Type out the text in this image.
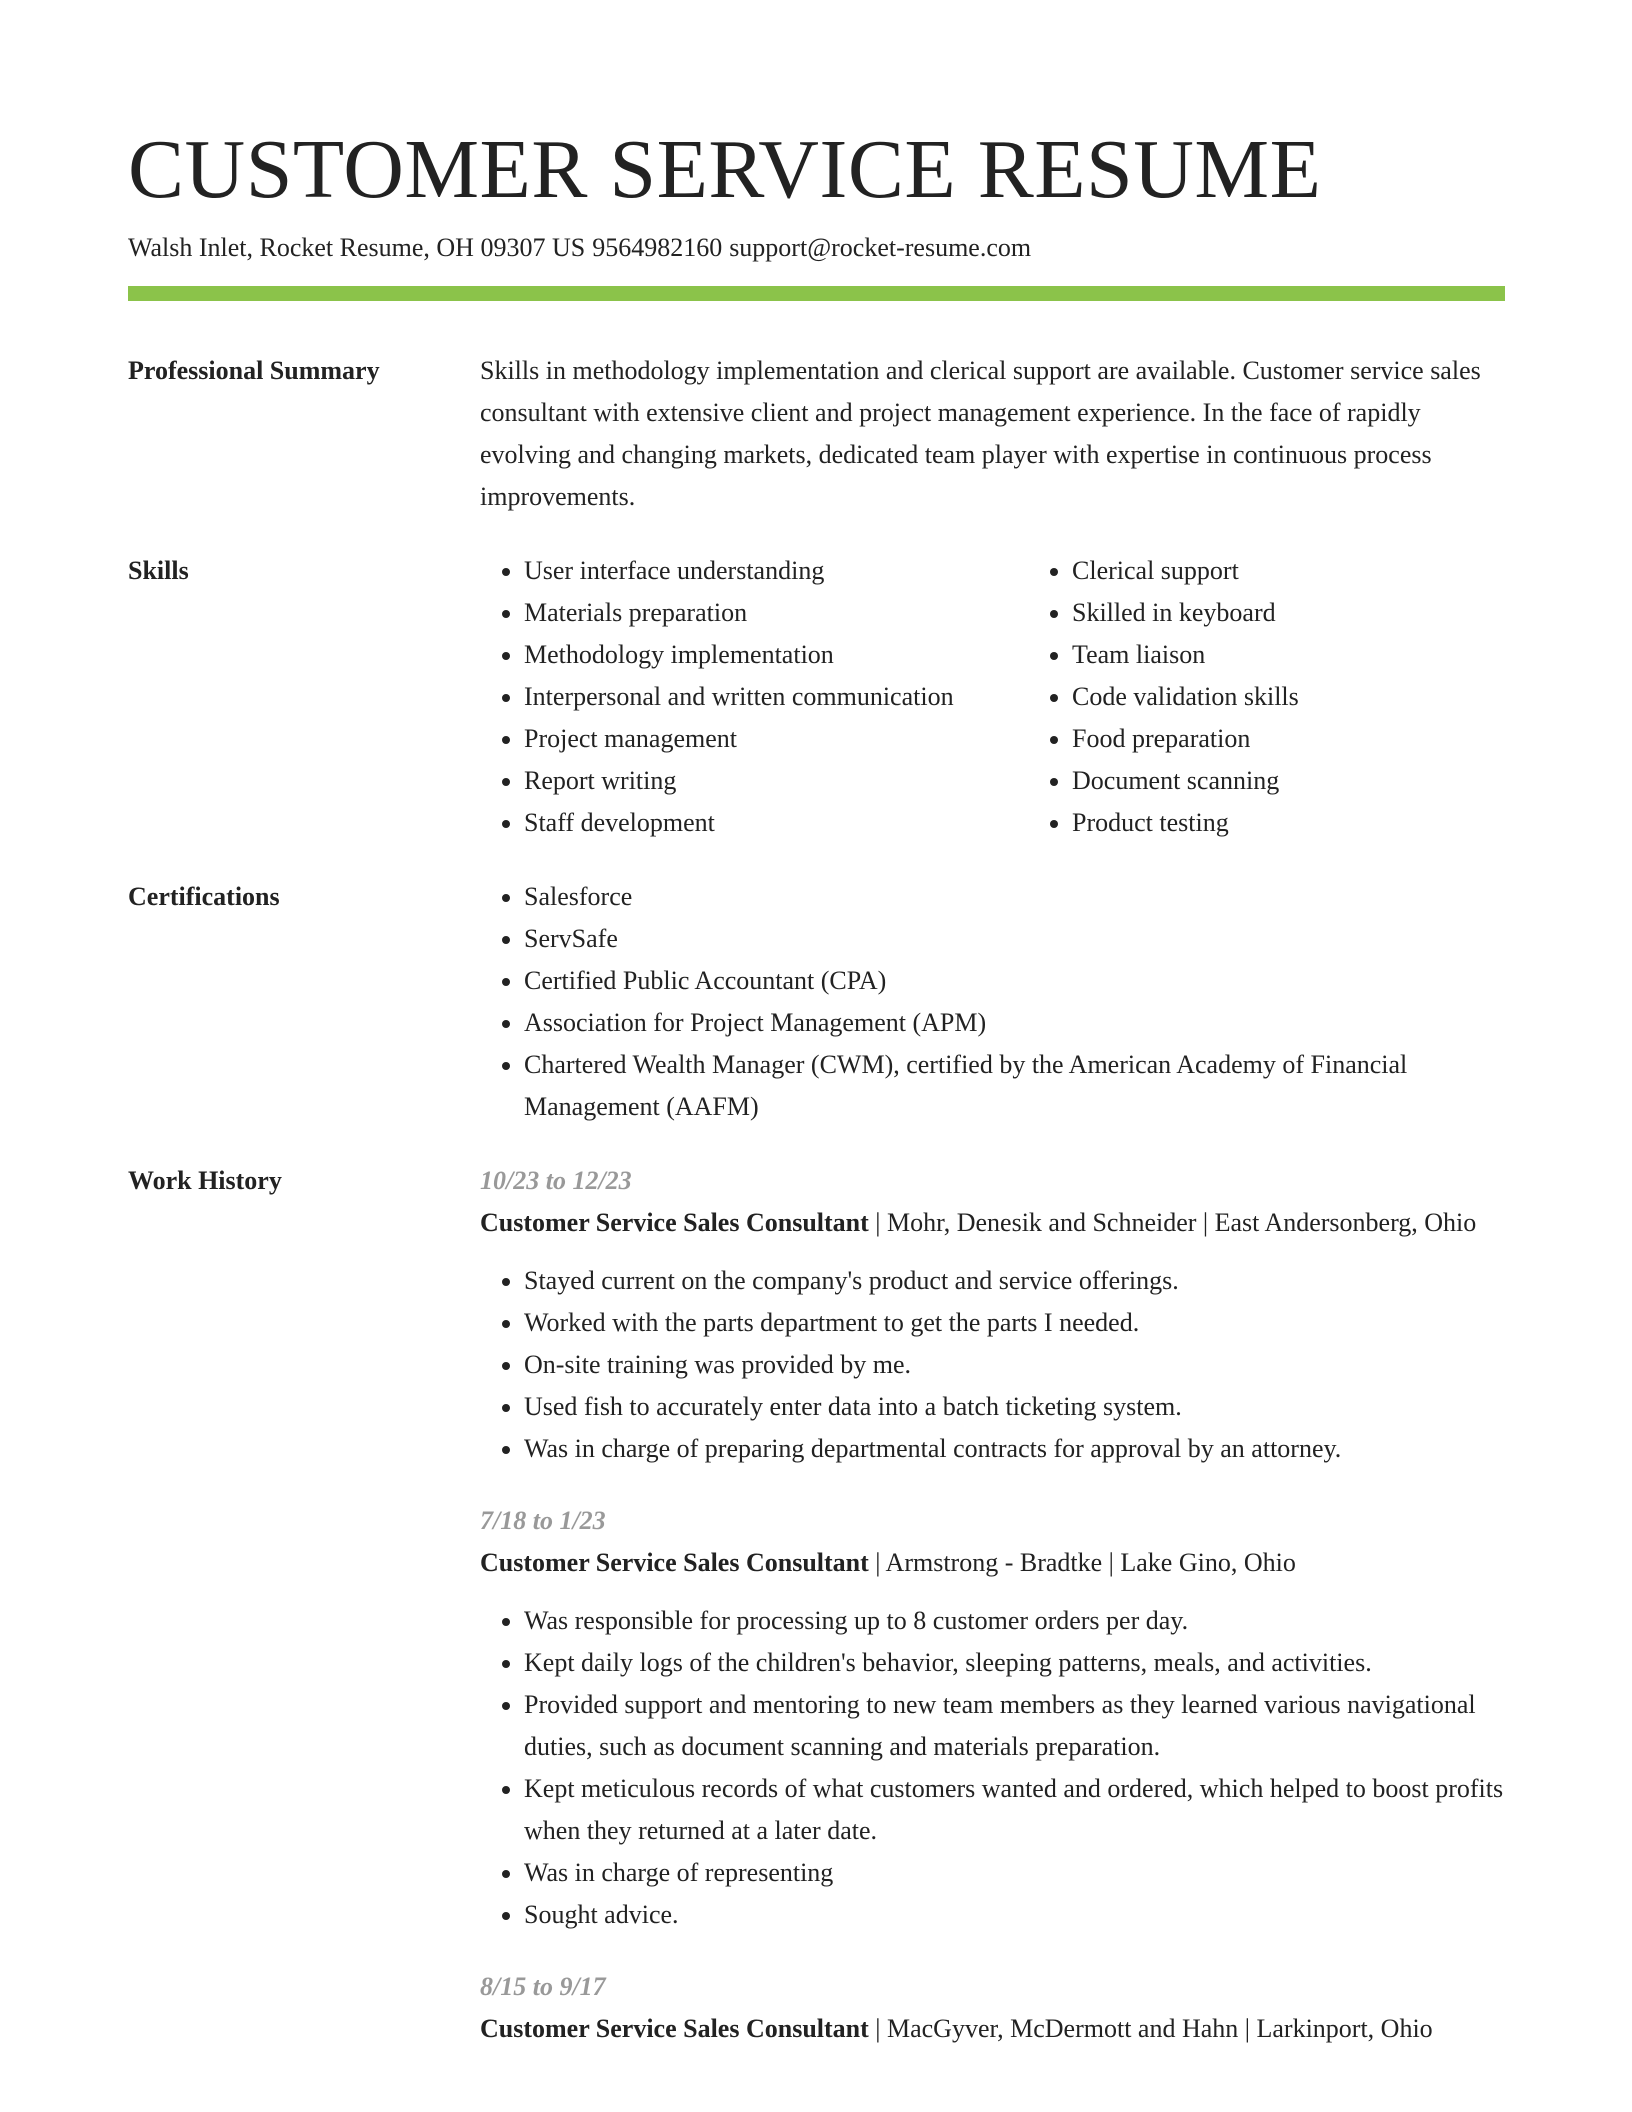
CUSTOMER SERVICE RESUME
Walsh Inlet, Rocket Resume, OH 09307 US 9564982160 support@rocket-resume.com
Professional Summary	Skills in methodology implementation and clerical support are available. Customer service sales consultant with extensive client and project management experience. In the face of rapidly evolving and changing markets, dedicated team player with expertise in continuous process improvements.

Skills	• User interface understanding
• Materials preparation
• Methodology implementation
• Interpersonal and written communication
• Project management
• Report writing
• Staff development
• Clerical support
• Skilled in keyboard
• Team liaison
• Code validation skills
• Food preparation
• Document scanning
• Product testing
Certifications	• Salesforce
• ServSafe
• Certified Public Accountant (CPA)
• Association for Project Management (APM)
• Chartered Wealth Manager (CWM), certified by the American Academy of Financial Management (AAFM)
Work History	10/23 to 12/23
Customer Service Sales Consultant | Mohr, Denesik and Schneider | East Andersonberg, Ohio
• Stayed current on the company's product and service offerings.
• Worked with the parts department to get the parts I needed.
• On-site training was provided by me.
• Used fish to accurately enter data into a batch ticketing system.
• Was in charge of preparing departmental contracts for approval by an attorney.
7/18 to 1/23
Customer Service Sales Consultant | Armstrong - Bradtke | Lake Gino, Ohio
• Was responsible for processing up to 8 customer orders per day.
• Kept daily logs of the children's behavior, sleeping patterns, meals, and activities.
• Provided support and mentoring to new team members as they learned various navigational duties, such as document scanning and materials preparation.
• Kept meticulous records of what customers wanted and ordered, which helped to boost profits when they returned at a later date.
• Was in charge of representing
• Sought advice.
8/15 to 9/17
Customer Service Sales Consultant | MacGyver, McDermott and Hahn | Larkinport, Ohio
